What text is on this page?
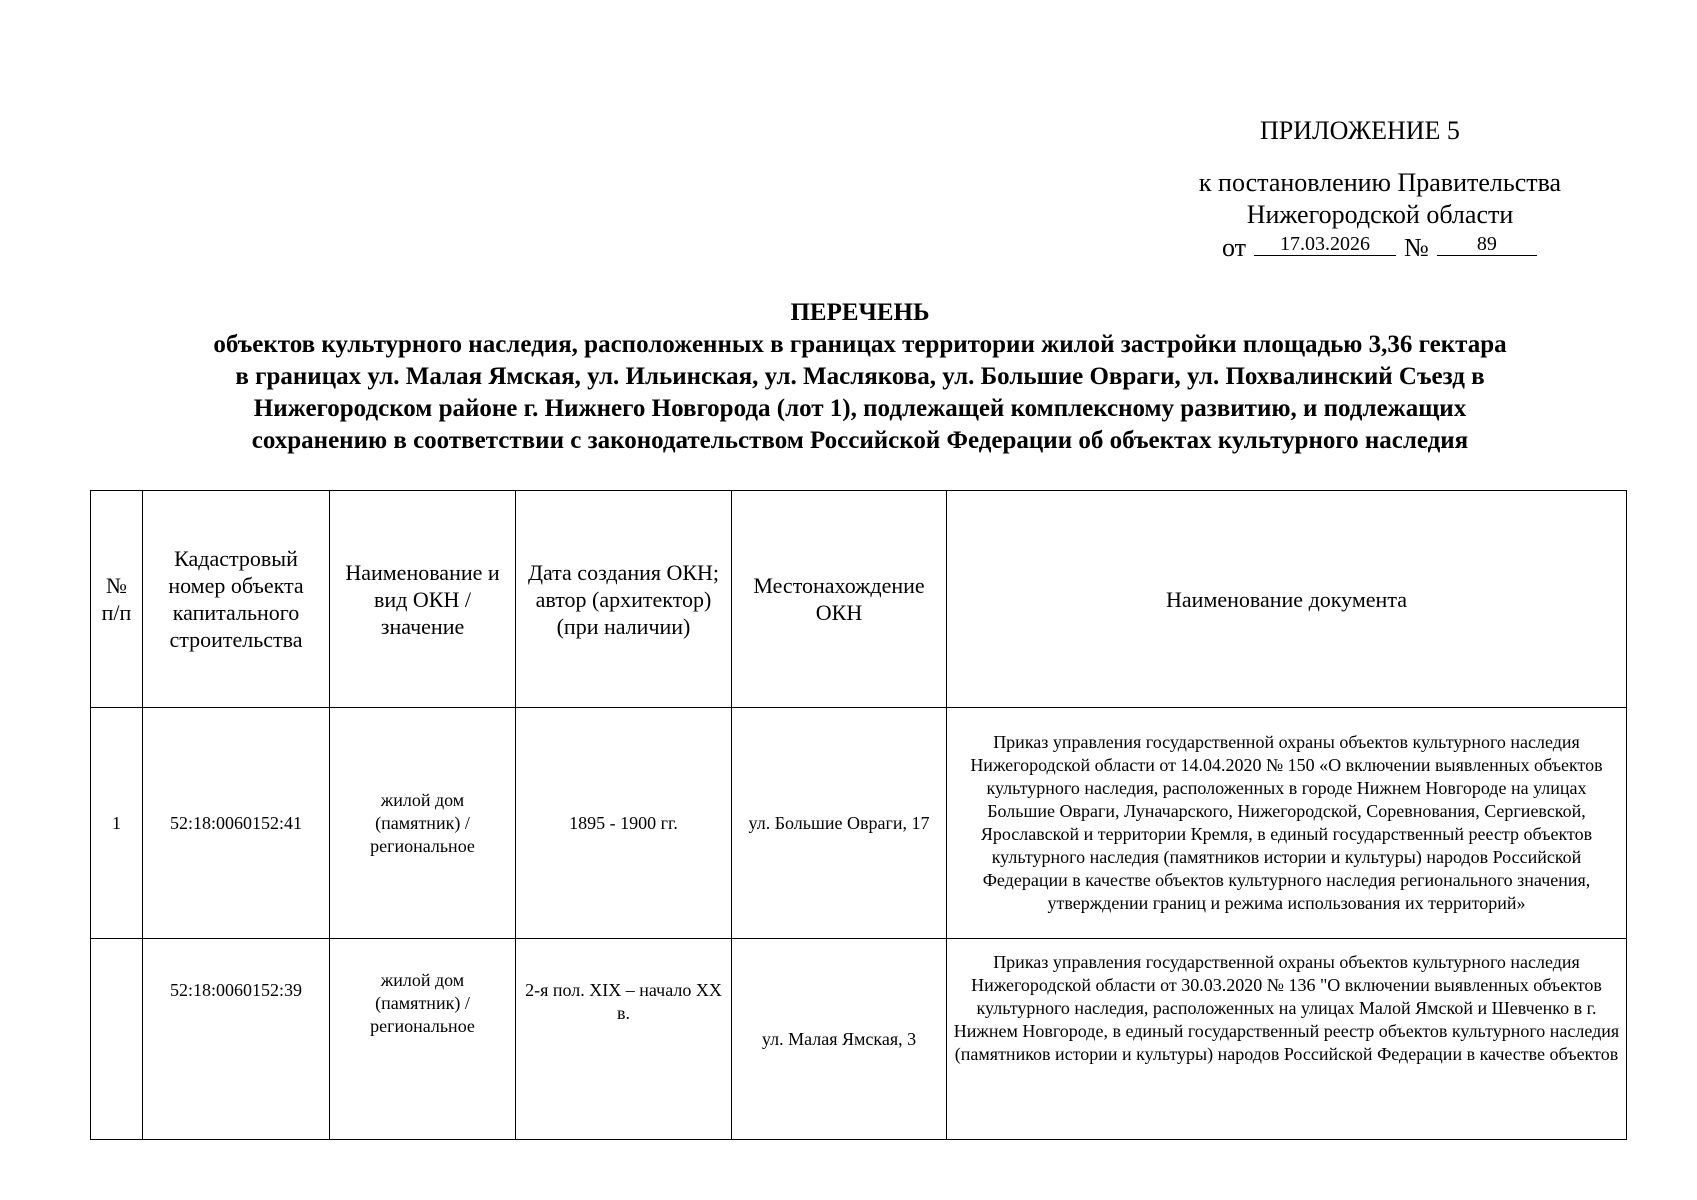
ПРИЛОЖЕНИЕ 5
к постановлению Правительства
Нижегородской области
от 17.03.2026 № 89
ПЕРЕЧЕНЬ
объектов культурного наследия, расположенных в границах территории жилой застройки площадью 3,36 гектара
в границах ул. Малая Ямская, ул. Ильинская, ул. Маслякова, ул. Большие Овраги, ул. Похвалинский Съезд в
Нижегородском районе г. Нижнего Новгорода (лот 1), подлежащей комплексному развитию, и подлежащих
сохранению в соответствии с законодательством Российской Федерации об объектах культурного наследия
№ п/п	Кадастровый номер объекта капитального строительства	Наименование и вид ОКН / значение	Дата создания ОКН; автор (архитектор) (при наличии)	Местонахождение ОКН	Наименование документа
1	52:18:0060152:41	жилой дом (памятник) / региональное	1895 - 1900 гг.	ул. Большие Овраги, 17	Приказ управления государственной охраны объектов культурного наследия Нижегородской области от 14.04.2020 № 150 «О включении выявленных объектов культурного наследия, расположенных в городе Нижнем Новгороде на улицах Большие Овраги, Луначарского, Нижегородской, Соревнования, Сергиевской, Ярославской и территории Кремля, в единый государственный реестр объектов культурного наследия (памятников истории и культуры) народов Российской Федерации в качестве объектов культурного наследия регионального значения, утверждении границ и режима использования их территорий»
	52:18:0060152:39	жилой дом (памятник) / региональное	2-я пол. XIX – начало XX в.	ул. Малая Ямская, 3	Приказ управления государственной охраны объектов культурного наследия Нижегородской области от 30.03.2020 № 136 "О включении выявленных объектов культурного наследия, расположенных на улицах Малой Ямской и Шевченко в г. Нижнем Новгороде, в единый государственный реестр объектов культурного наследия (памятников истории и культуры) народов Российской Федерации в качестве объектов
